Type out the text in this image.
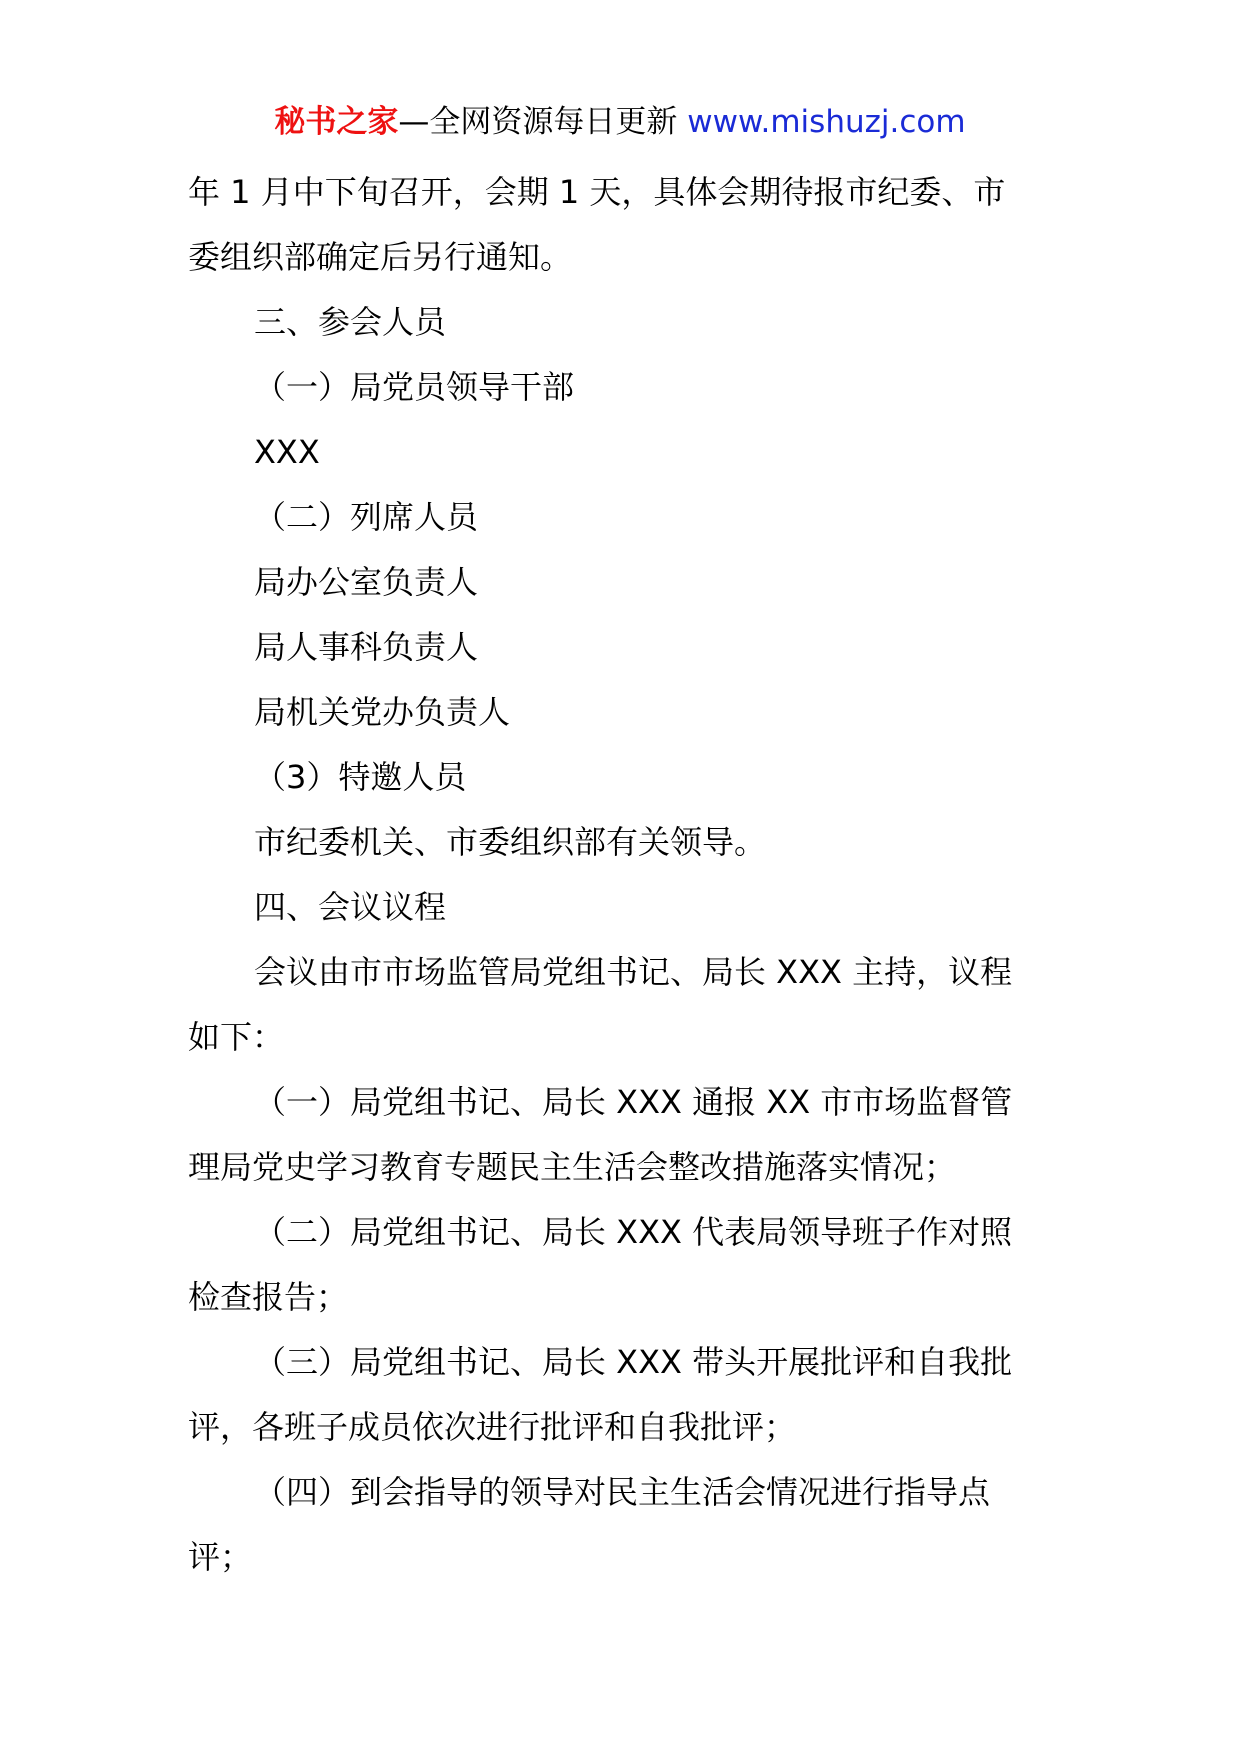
秘书之家—全网资源每日更新 www.mishuzj.com

年 1 月中下旬召开，会期 1 天，具体会期待报市纪委、市

委组织部确定后另行通知。

三、参会人员

（一）局党员领导干部

XXX

（二）列席人员

局办公室负责人

局人事科负责人

局机关党办负责人

（3）特邀人员

市纪委机关、市委组织部有关领导。

四、会议议程

会议由市市场监管局党组书记、局长 XXX 主持，议程

如下：

（一）局党组书记、局长 XXX 通报 XX 市市场监督管

理局党史学习教育专题民主生活会整改措施落实情况；

（二）局党组书记、局长 XXX 代表局领导班子作对照

检查报告；

（三）局党组书记、局长 XXX 带头开展批评和自我批

评，各班子成员依次进行批评和自我批评；

（四）到会指导的领导对民主生活会情况进行指导点

评；
